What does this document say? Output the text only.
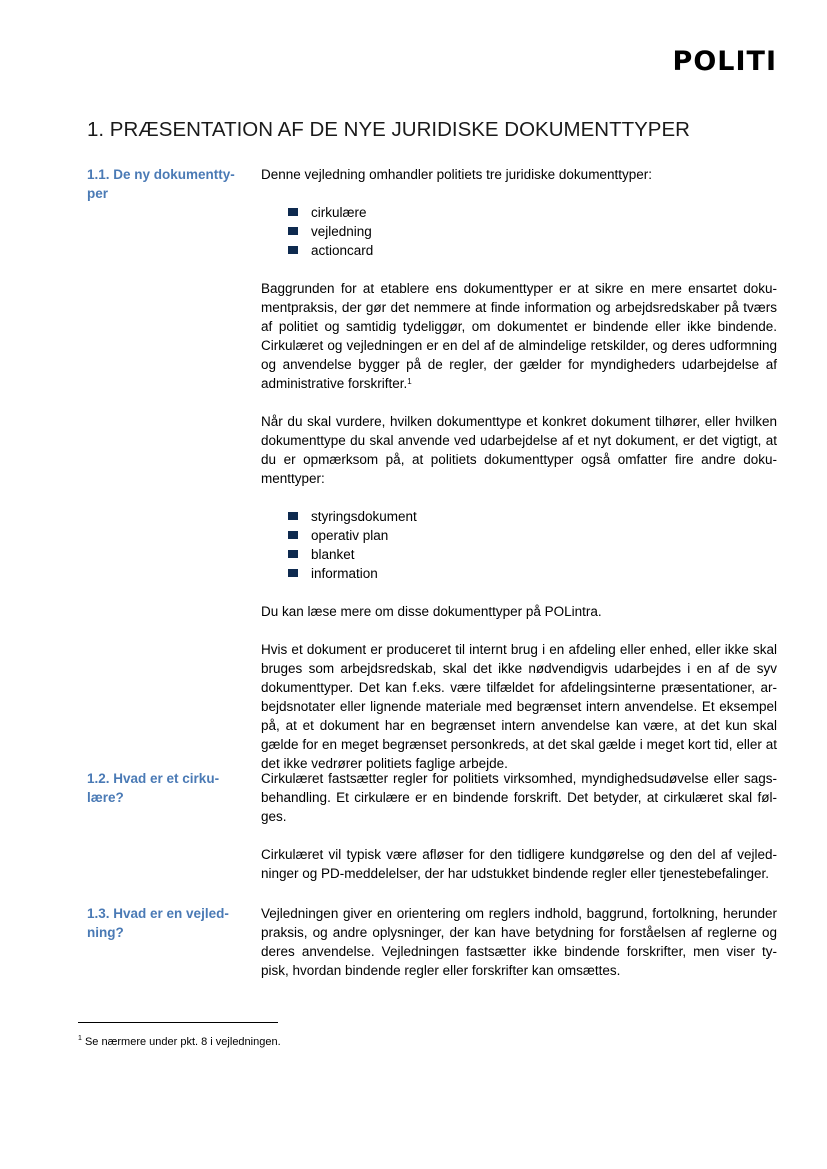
POLITI
1. PRÆSENTATION AF DE NYE JURIDISKE DOKUMENTTYPER
1.1. De ny dokumentty-
per

Denne vejledning omhandler politiets tre juridiske dokumenttyper:

cirkulære
vejledning
actioncard

Baggrunden for at etablere ens dokumenttyper er at sikre en mere ensartet doku- mentpraksis, der gør det nemmere at finde information og arbejdsredskaber på tværs af politiet og samtidig tydeliggør, om dokumentet er bindende eller ikke bindende. Cirkulæret og vejledningen er en del af de almindelige retskilder, og deres udformning og anvendelse bygger på de regler, der gælder for myndigheders udarbejdelse af administrative forskrifter.$^1$

Når du skal vurdere, hvilken dokumenttype et konkret dokument tilhører, eller hvilken dokumenttype du skal anvende ved udarbejdelse af et nyt dokument, er det vigtigt, at du er opmærksom på, at politiets dokumenttyper også omfatter fire andre doku- menttyper:

styringsdokument
operativ plan
blanket
information

Du kan læse mere om disse dokumenttyper på POLintra.

Hvis et dokument er produceret til internt brug i en afdeling eller enhed, eller ikke skal bruges som arbejdsredskab, skal det ikke nødvendigvis udarbejdes i en af de syv dokumenttyper. Det kan f.eks. være tilfældet for afdelingsinterne præsentationer, ar- bejdsnotater eller lignende materiale med begrænset intern anvendelse. Et eksempel på, at et dokument har en begrænset intern anvendelse kan være, at det kun skal gælde for en meget begrænset personkreds, at det skal gælde i meget kort tid, eller at det ikke vedrører politiets faglige arbejde.

1.2. Hvad er et cirku-
lære?

Cirkulæret fastsætter regler for politiets virksomhed, myndighedsudøvelse eller sags- behandling. Et cirkulære er en bindende forskrift. Det betyder, at cirkulæret skal føl- ges.

Cirkulæret vil typisk være afløser for den tidligere kundgørelse og den del af vejled- ninger og PD-meddelelser, der har udstukket bindende regler eller tjenestebefalinger.

1.3. Hvad er en vejled-
ning?

Vejledningen giver en orientering om reglers indhold, baggrund, fortolkning, herunder praksis, og andre oplysninger, der kan have betydning for forståelsen af reglerne og deres anvendelse. Vejledningen fastsætter ikke bindende forskrifter, men viser ty- pisk, hvordan bindende regler eller forskrifter kan omsættes.

$^1$ Se nærmere under pkt. 8 i vejledningen.
